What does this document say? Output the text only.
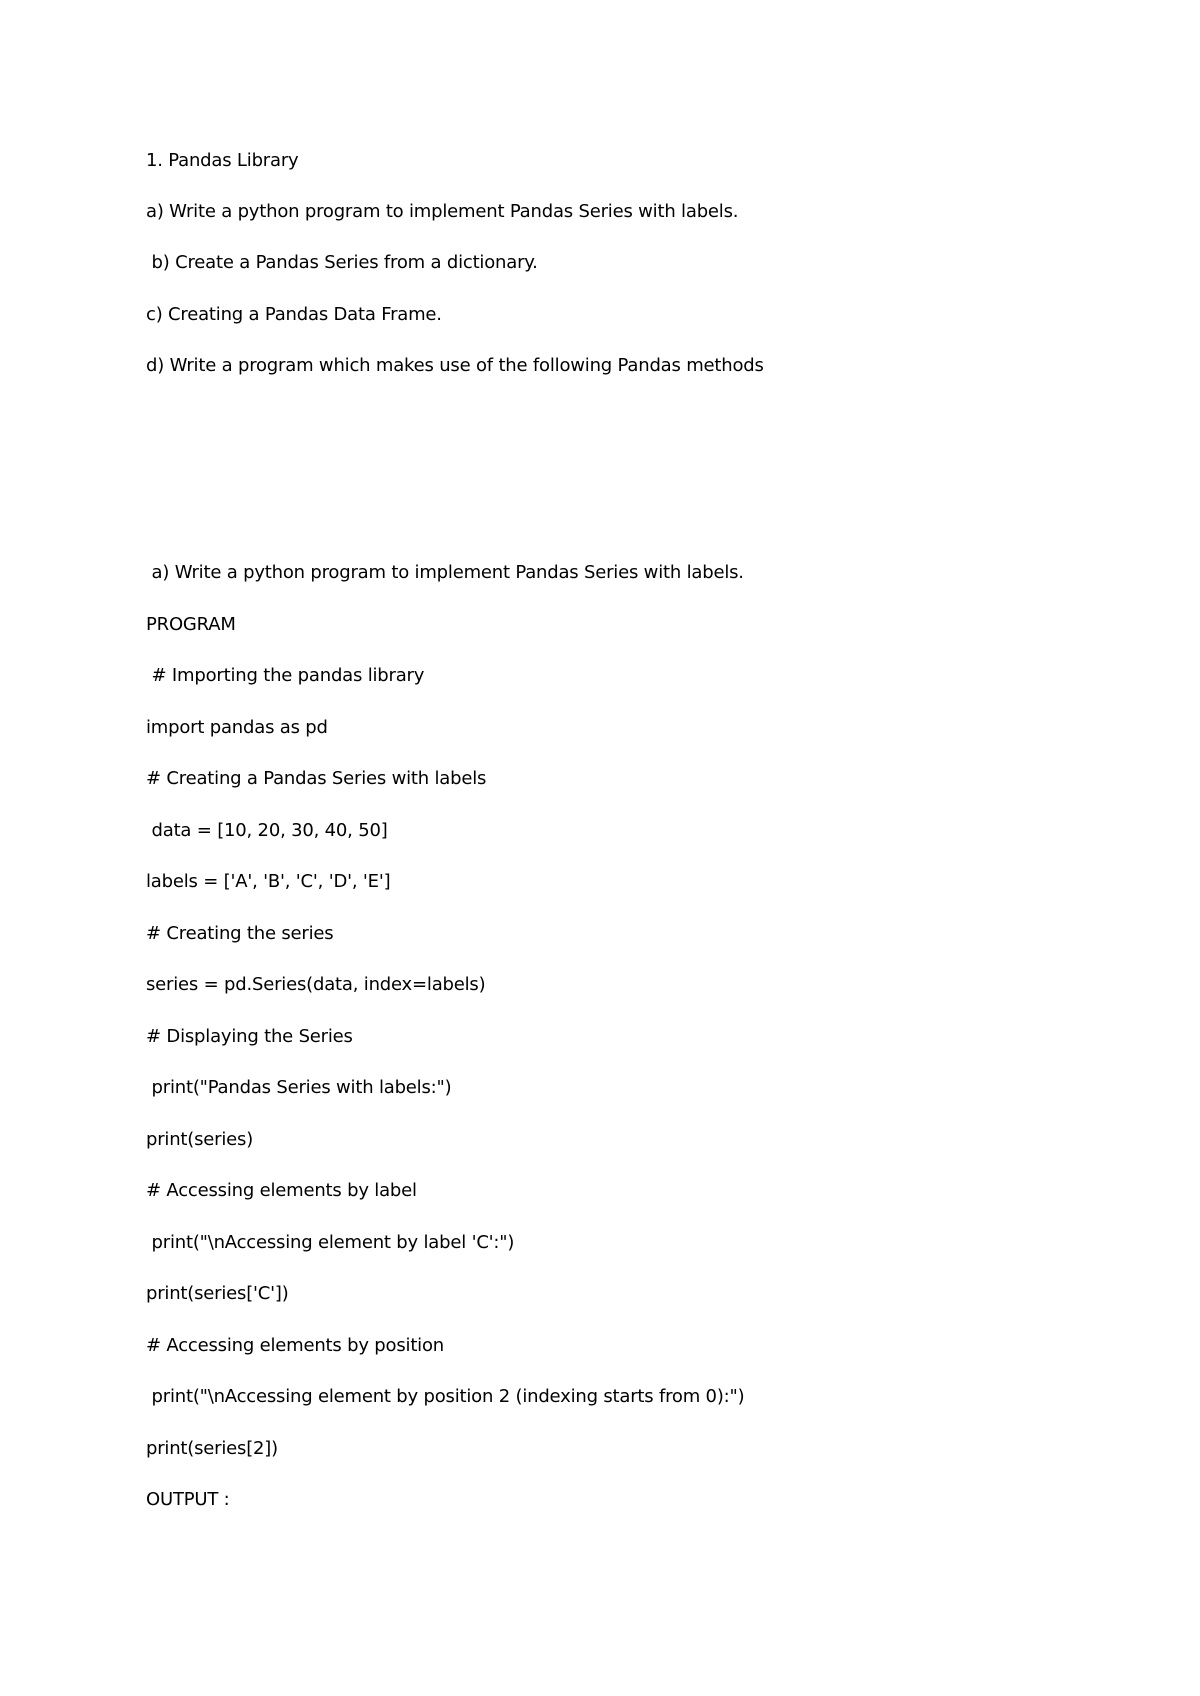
1. Pandas Library
a) Write a python program to implement Pandas Series with labels.
b) Create a Pandas Series from a dictionary.
c) Creating a Pandas Data Frame.
d) Write a program which makes use of the following Pandas methods
a) Write a python program to implement Pandas Series with labels.
PROGRAM
# Importing the pandas library
import pandas as pd
# Creating a Pandas Series with labels
data = [10, 20, 30, 40, 50]
labels = ['A', 'B', 'C', 'D', 'E']
# Creating the series
series = pd.Series(data, index=labels)
# Displaying the Series
print("Pandas Series with labels:")
print(series)
# Accessing elements by label
print("\nAccessing element by label 'C':")
print(series['C'])
# Accessing elements by position
print("\nAccessing element by position 2 (indexing starts from 0):")
print(series[2])
OUTPUT :
